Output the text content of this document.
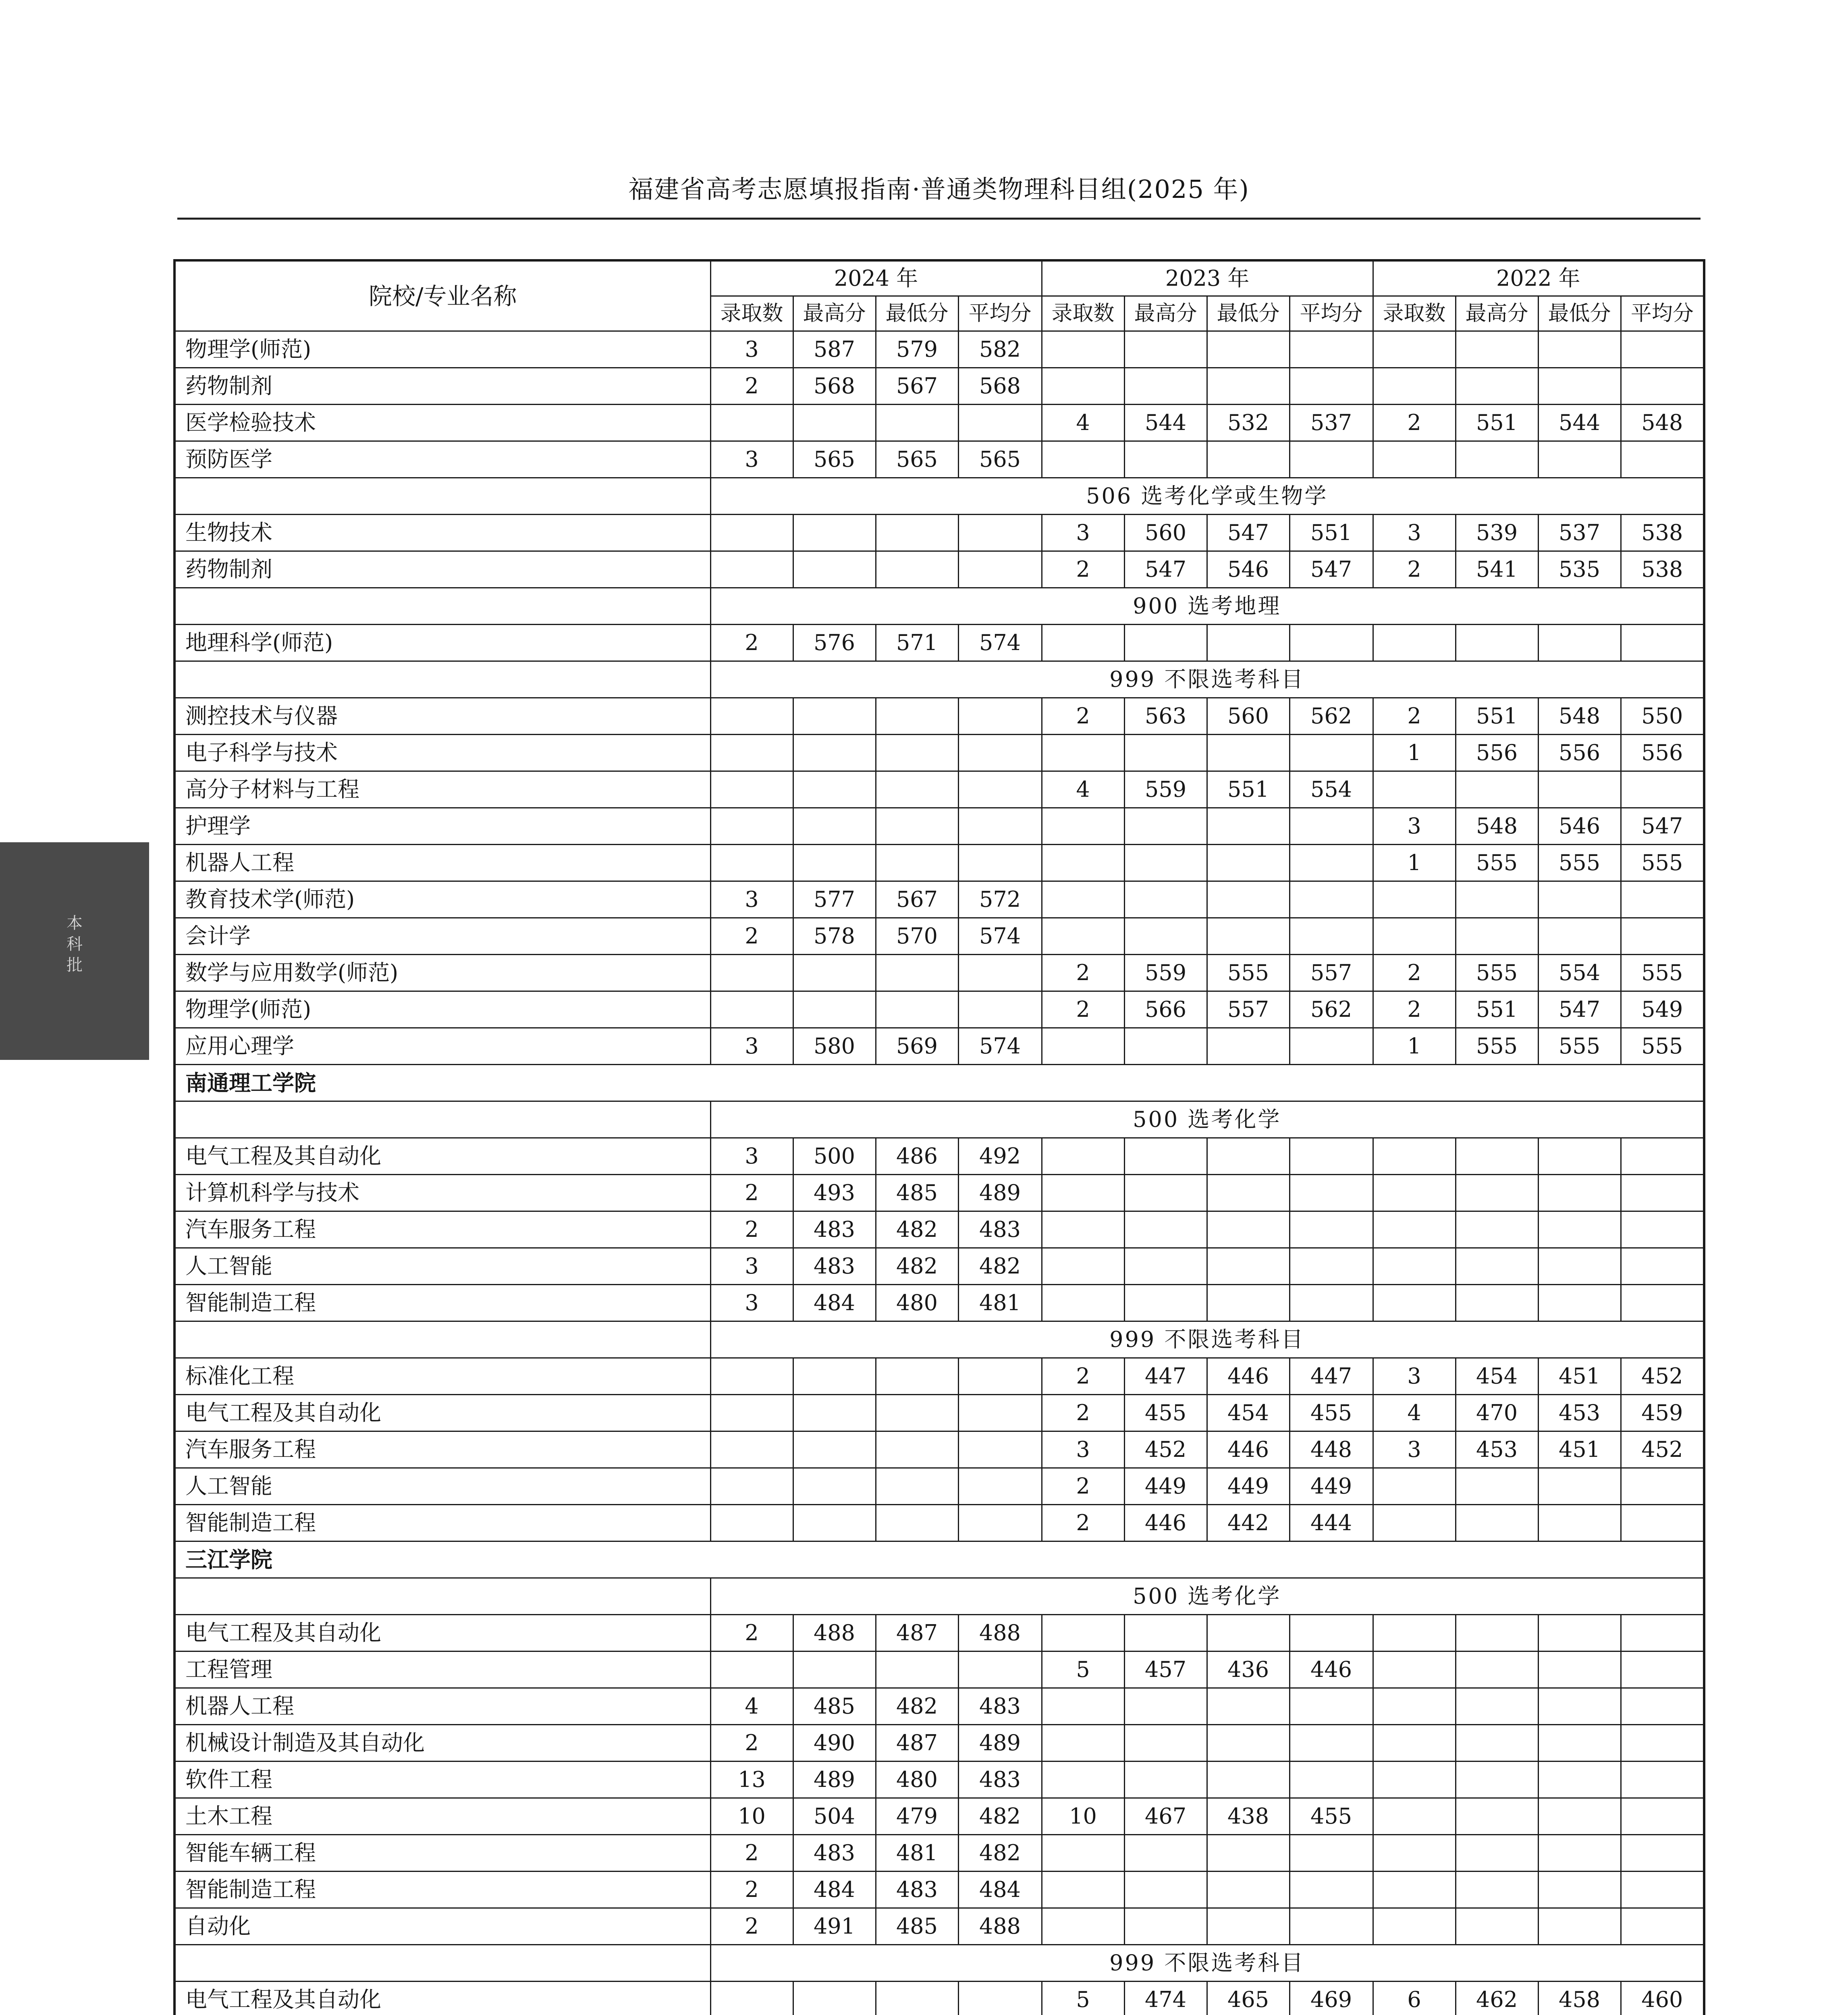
福建省高考志愿填报指南·普通类物理科目组(2025 年)
本
科
批
院校/专业名称	2024 年				2023 年				2022 年			
	录取数	最高分	最低分	平均分	录取数	最高分	最低分	平均分	录取数	最高分	最低分	平均分
物理学(师范)	3	587	579	582								
药物制剂	2	568	567	568								
医学检验技术					4	544	532	537	2	551	544	548
预防医学	3	565	565	565								
	506 选考化学或生物学											
生物技术					3	560	547	551	3	539	537	538
药物制剂					2	547	546	547	2	541	535	538
	900 选考地理											
地理科学(师范)	2	576	571	574								
	999 不限选考科目											
测控技术与仪器					2	563	560	562	2	551	548	550
电子科学与技术									1	556	556	556
高分子材料与工程					4	559	551	554				
护理学									3	548	546	547
机器人工程									1	555	555	555
教育技术学(师范)	3	577	567	572								
会计学	2	578	570	574								
数学与应用数学(师范)					2	559	555	557	2	555	554	555
物理学(师范)					2	566	557	562	2	551	547	549
应用心理学	3	580	569	574					1	555	555	555
南通理工学院												
	500 选考化学											
电气工程及其自动化	3	500	486	492								
计算机科学与技术	2	493	485	489								
汽车服务工程	2	483	482	483								
人工智能	3	483	482	482								
智能制造工程	3	484	480	481								
	999 不限选考科目											
标准化工程					2	447	446	447	3	454	451	452
电气工程及其自动化					2	455	454	455	4	470	453	459
汽车服务工程					3	452	446	448	3	453	451	452
人工智能					2	449	449	449				
智能制造工程					2	446	442	444				
三江学院												
	500 选考化学											
电气工程及其自动化	2	488	487	488								
工程管理					5	457	436	446				
机器人工程	4	485	482	483								
机械设计制造及其自动化	2	490	487	489								
软件工程	13	489	480	483								
土木工程	10	504	479	482	10	467	438	455				
智能车辆工程	2	483	481	482								
智能制造工程	2	484	483	484								
自动化	2	491	485	488								
	999 不限选考科目											
电气工程及其自动化					5	474	465	469	6	462	458	460
